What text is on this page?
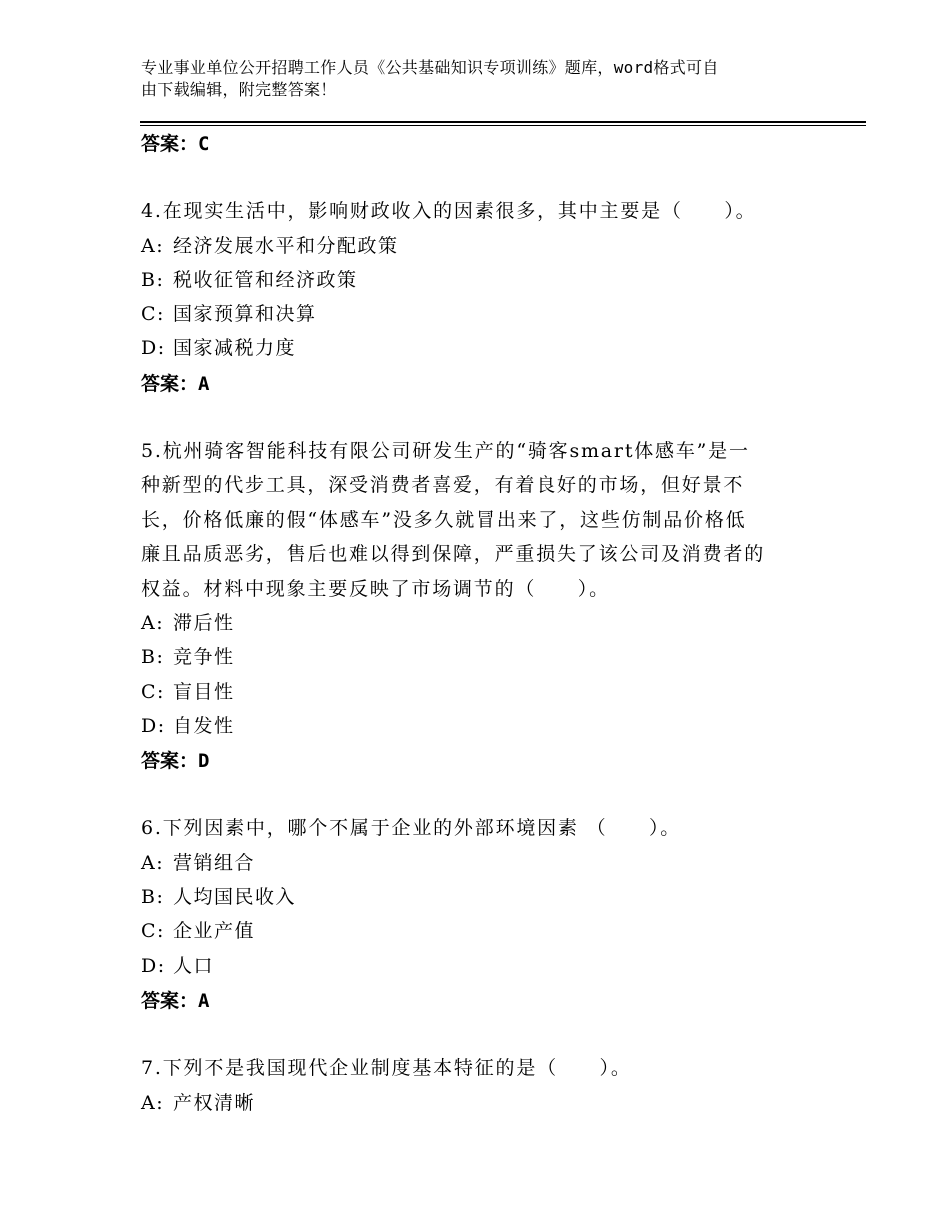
专业事业单位公开招聘工作人员《公共基础知识专项训练》题库，word格式可自
由下载编辑，附完整答案！
答案：C
4.在现实生活中，影响财政收入的因素很多，其中主要是（　　）。
A: 经济发展水平和分配政策
B: 税收征管和经济政策
C: 国家预算和决算
D: 国家减税力度
答案：A
5.杭州骑客智能科技有限公司研发生产的“骑客smart体感车”是一
种新型的代步工具，深受消费者喜爱，有着良好的市场，但好景不
长，价格低廉的假“体感车”没多久就冒出来了，这些仿制品价格低
廉且品质恶劣，售后也难以得到保障，严重损失了该公司及消费者的
权益。材料中现象主要反映了市场调节的（　　）。
A: 滞后性
B: 竞争性
C: 盲目性
D: 自发性
答案：D
6.下列因素中，哪个不属于企业的外部环境因素 （　　）。
A: 营销组合
B: 人均国民收入
C: 企业产值
D: 人口
答案：A
7.下列不是我国现代企业制度基本特征的是（　　）。
A: 产权清晰
